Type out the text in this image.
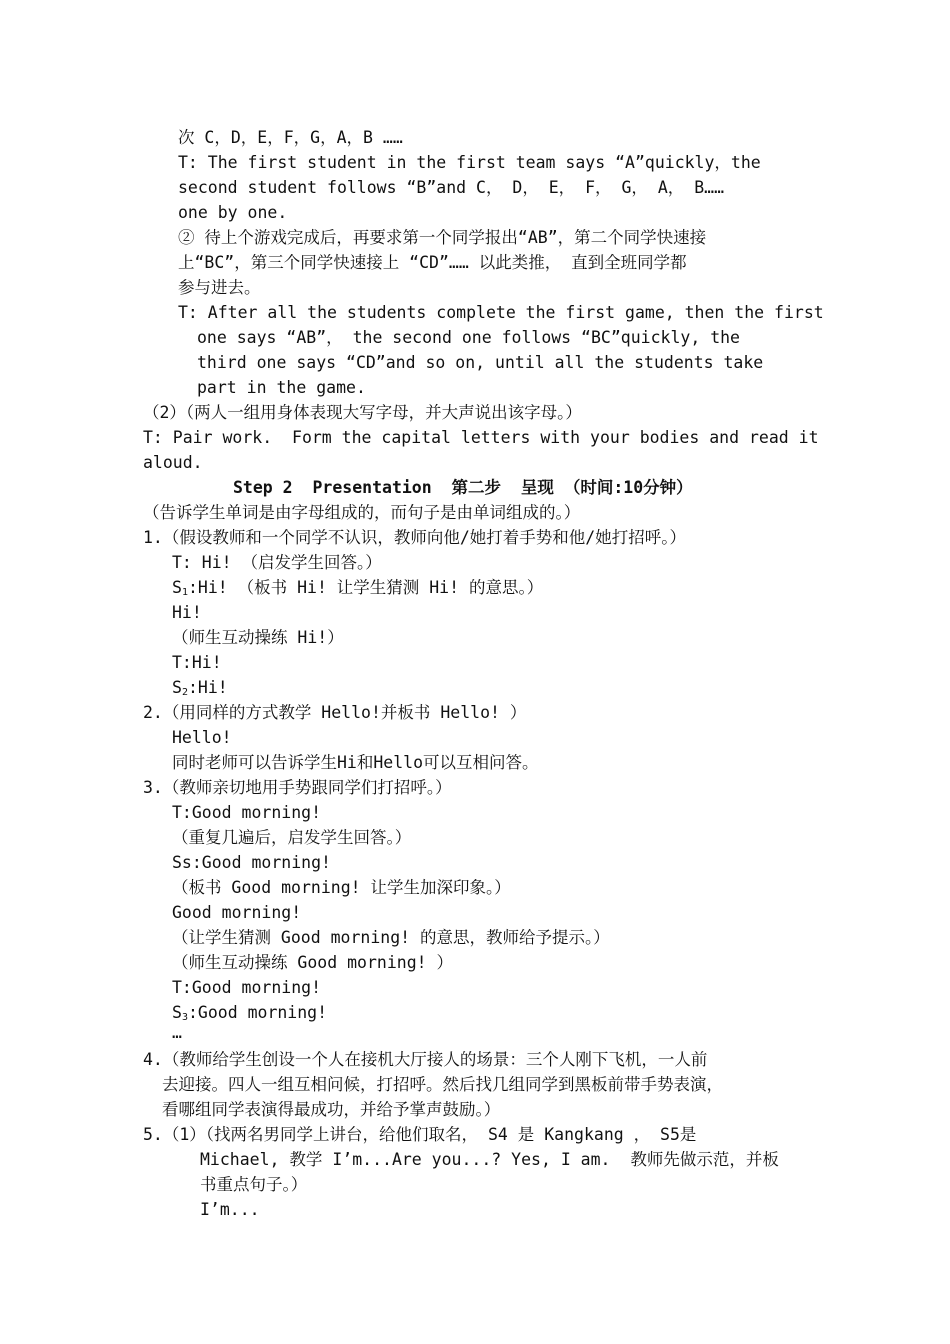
次 C，D，E，F，G，A，B ……
T: The first student in the first team says “A”quickly，the
second student follows “B”and C， D， E， F， G， A， B……
one by one.
② 待上个游戏完成后，再要求第一个同学报出“AB”，第二个同学快速接
上“BC”，第三个同学快速接上 “CD”…… 以此类推， 直到全班同学都
参与进去。
T: After all the students complete the first game, then the first
one says “AB”， the second one follows “BC”quickly, the
third one says “CD”and so on, until all the students take
part in the game.
（2）（两人一组用身体表现大写字母，并大声说出该字母。）
T: Pair work.  Form the capital letters with your bodies and read it
aloud.
Step 2  Presentation  第二步  呈现 （时间:10分钟）
（告诉学生单词是由字母组成的，而句子是由单词组成的。）
1.（假设教师和一个同学不认识，教师向他/她打着手势和他/她打招呼。）
T: Hi! （启发学生回答。）
$S_1:Hi$! （板书 Hi! 让学生猜测 Hi! 的意思。）
Hi!
（师生互动操练 Hi!）
T:Hi!
$S_2:Hi$!
2.（用同样的方式教学 Hello!并板书 Hello! ）
Hello!
同时老师可以告诉学生Hi和Hello可以互相问答。
3.（教师亲切地用手势跟同学们打招呼。）
T:Good morning!
（重复几遍后，启发学生回答。）
Ss:Good morning!
（板书 Good morning! 让学生加深印象。）
Good morning!
（让学生猜测 Good morning! 的意思，教师给予提示。）
（师生互动操练 Good morning! ）
T:Good morning!
$S_3:Good$ morning!
…
4.（教师给学生创设一个人在接机大厅接人的场景：三个人刚下飞机，一人前
去迎接。四人一组互相问候，打招呼。然后找几组同学到黑板前带手势表演，
看哪组同学表演得最成功，并给予掌声鼓励。）
5.（1）（找两名男同学上讲台，给他们取名， S4 是 Kangkang ， S5是
Michael, 教学 I’m...Are you...? Yes, I am.  教师先做示范，并板
书重点句子。）
I’m...
